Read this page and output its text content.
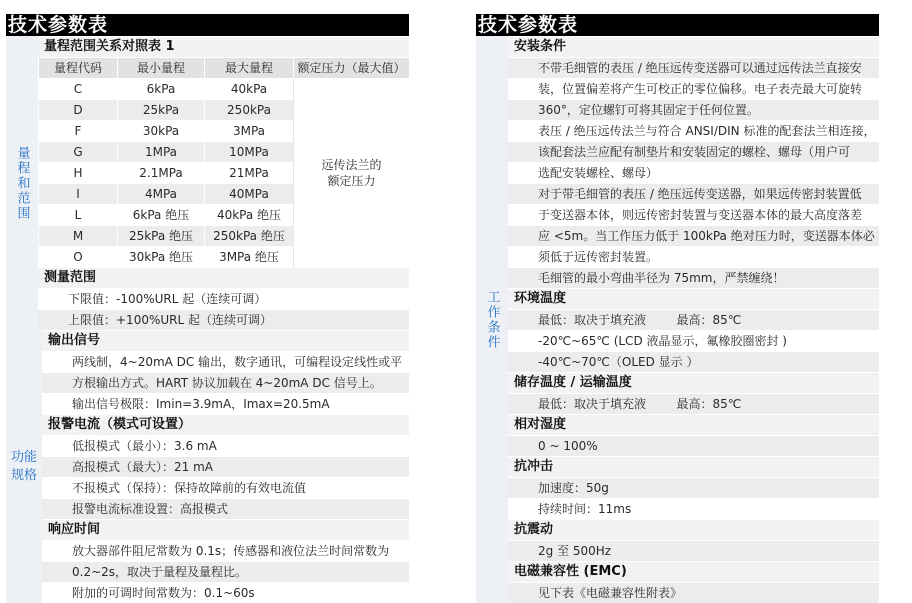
技术参数表
量程和范围
量程范围关系对照表 1
量程代码	最小量程	最大量程	额定压力（最大值）
C	6kPa	40kPa	远传法兰的
额定压力
D	25kPa	250kPa	
F	30kPa	3MPa	
G	1MPa	10MPa	
H	2.1MPa	21MPa	
I	4MPa	40MPa	
L	6kPa 绝压	40kPa 绝压	
M	25kPa 绝压	250kPa 绝压	
O	30kPa 绝压	3MPa 绝压	
测量范围
下限值：-100%URL 起（连续可调）
上限值：+100%URL 起（连续可调）
功能
规格
输出信号
两线制，4~20mA DC 输出，数字通讯，可编程设定线性或平
方根输出方式。HART 协议加载在 4~20mA DC 信号上。
输出信号极限：Imin=3.9mA，Imax=20.5mA
报警电流（模式可设置）
低报模式（最小）：3.6 mA
高报模式（最大）：21 mA
不报模式（保持）：保持故障前的有效电流值
报警电流标准设置：高报模式
响应时间
放大器部件阻尼常数为 0.1s；传感器和液位法兰时间常数为
0.2~2s，取决于量程及量程比。
附加的可调时间常数为：0.1~60s
技术参数表
工作条件
安装条件
不带毛细管的表压 / 绝压远传变送器可以通过远传法兰直接安
装，位置偏差将产生可校正的零位偏移。电子表壳最大可旋转
360°，定位螺钉可将其固定于任何位置。
表压 / 绝压远传法兰与符合 ANSI/DIN 标准的配套法兰相连接，
该配套法兰应配有制垫片和安装固定的螺栓、螺母（用户可
选配安装螺栓、螺母）
对于带毛细管的表压 / 绝压远传变送器，如果远传密封装置低
于变送器本体，则远传密封装置与变送器本体的最大高度落差
应 <5m。当工作压力低于 100kPa 绝对压力时，变送器本体必
须低于远传密封装置。
毛细管的最小弯曲半径为 75mm，严禁缠绕！
环境温度
最低：取决于填充液        最高：85℃
-20℃~65℃ (LCD 液晶显示，氟橡胶圈密封 )
-40℃~70℃（OLED 显示 ）
储存温度 / 运输温度
最低：取决于填充液        最高：85℃
相对湿度
0 ~ 100%
抗冲击
加速度：50g
持续时间：11ms
抗震动
2g 至 500Hz
电磁兼容性 (EMC)
见下表《电磁兼容性附表》
